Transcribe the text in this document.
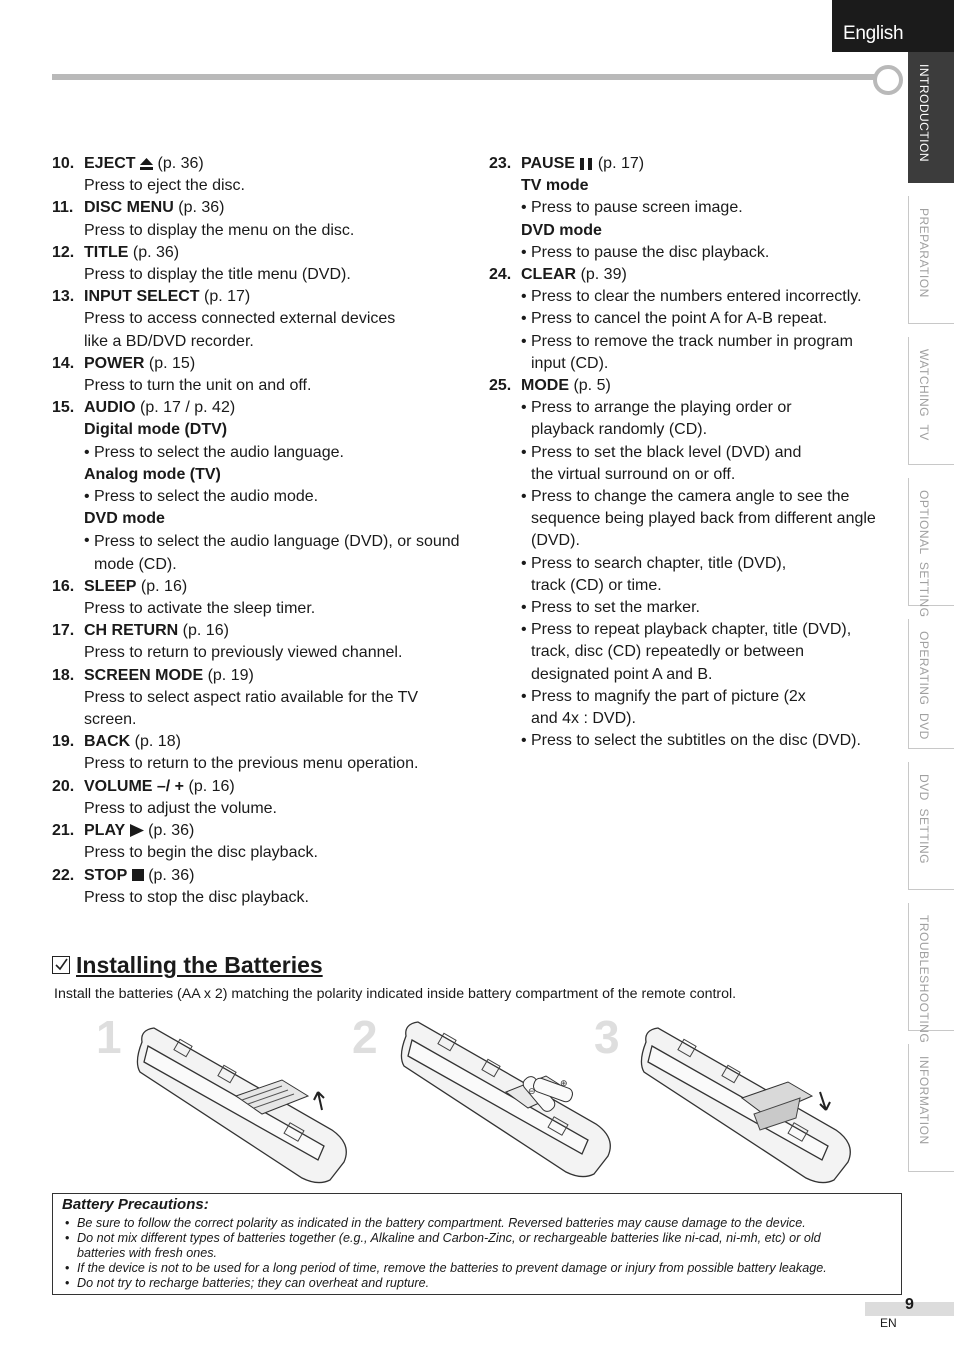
English
INTRODUCTION
PREPARATION
WATCHING  TV
OPTIONAL  SETTING
OPERATING  DVD
DVD  SETTING
TROUBLESHOOTING
INFORMATION
10. EJECT (p. 36)
Press to eject the disc.
11. DISC MENU (p. 36)
Press to display the menu on the disc.
12. TITLE (p. 36)
Press to display the title menu (DVD).
13. INPUT SELECT (p. 17)
Press to access connected external devices
like a BD/DVD recorder.
14. POWER (p. 15)
Press to turn the unit on and off.
15. AUDIO (p. 17 / p. 42)
Digital mode (DTV)
• Press to select the audio language.
Analog mode (TV)
• Press to select the audio mode.
DVD mode
• Press to select the audio language (DVD), or sound mode (CD).
16. SLEEP (p. 16)
Press to activate the sleep timer.
17. CH RETURN (p. 16)
Press to return to previously viewed channel.
18. SCREEN MODE (p. 19)
Press to select aspect ratio available for the TV
screen.
19. BACK (p. 18)
Press to return to the previous menu operation.
20. VOLUME –/ + (p. 16)
Press to adjust the volume.
21. PLAY (p. 36)
Press to begin the disc playback.
22. STOP (p. 36)
Press to stop the disc playback.
23. PAUSE (p. 17)
TV mode
• Press to pause screen image.
DVD mode
• Press to pause the disc playback.
24. CLEAR (p. 39)
• Press to clear the numbers entered incorrectly.
• Press to cancel the point A for A-B repeat.
• Press to remove the track number in program input (CD).
25. MODE (p. 5)
• Press to arrange the playing order or playback randomly (CD).
• Press to set the black level (DVD) and the virtual surround on or off.
• Press to change the camera angle to see the sequence being played back from different angle (DVD).
• Press to search chapter, title (DVD), track (CD) or time.
• Press to set the marker.
• Press to repeat playback chapter, title (DVD), track, disc (CD) repeatedly or between designated point A and B.
• Press to magnify the part of picture (2x and 4x : DVD).
• Press to select the subtitles on the disc (DVD).
Installing the Batteries
Install the batteries (AA x 2) matching the polarity indicated inside battery compartment of the remote control.
1	2
⊖
⊕
3
Battery Precautions:
• Be sure to follow the correct polarity as indicated in the battery compartment. Reversed batteries may cause damage to the device.
• Do not mix different types of batteries together (e.g., Alkaline and Carbon-Zinc, or rechargeable batteries like ni-cad, ni-mh, etc) or old batteries with fresh ones.
• If the device is not to be used for a long period of time, remove the batteries to prevent damage or injury from possible battery leakage.
• Do not try to recharge batteries; they can overheat and rupture.
9
EN
